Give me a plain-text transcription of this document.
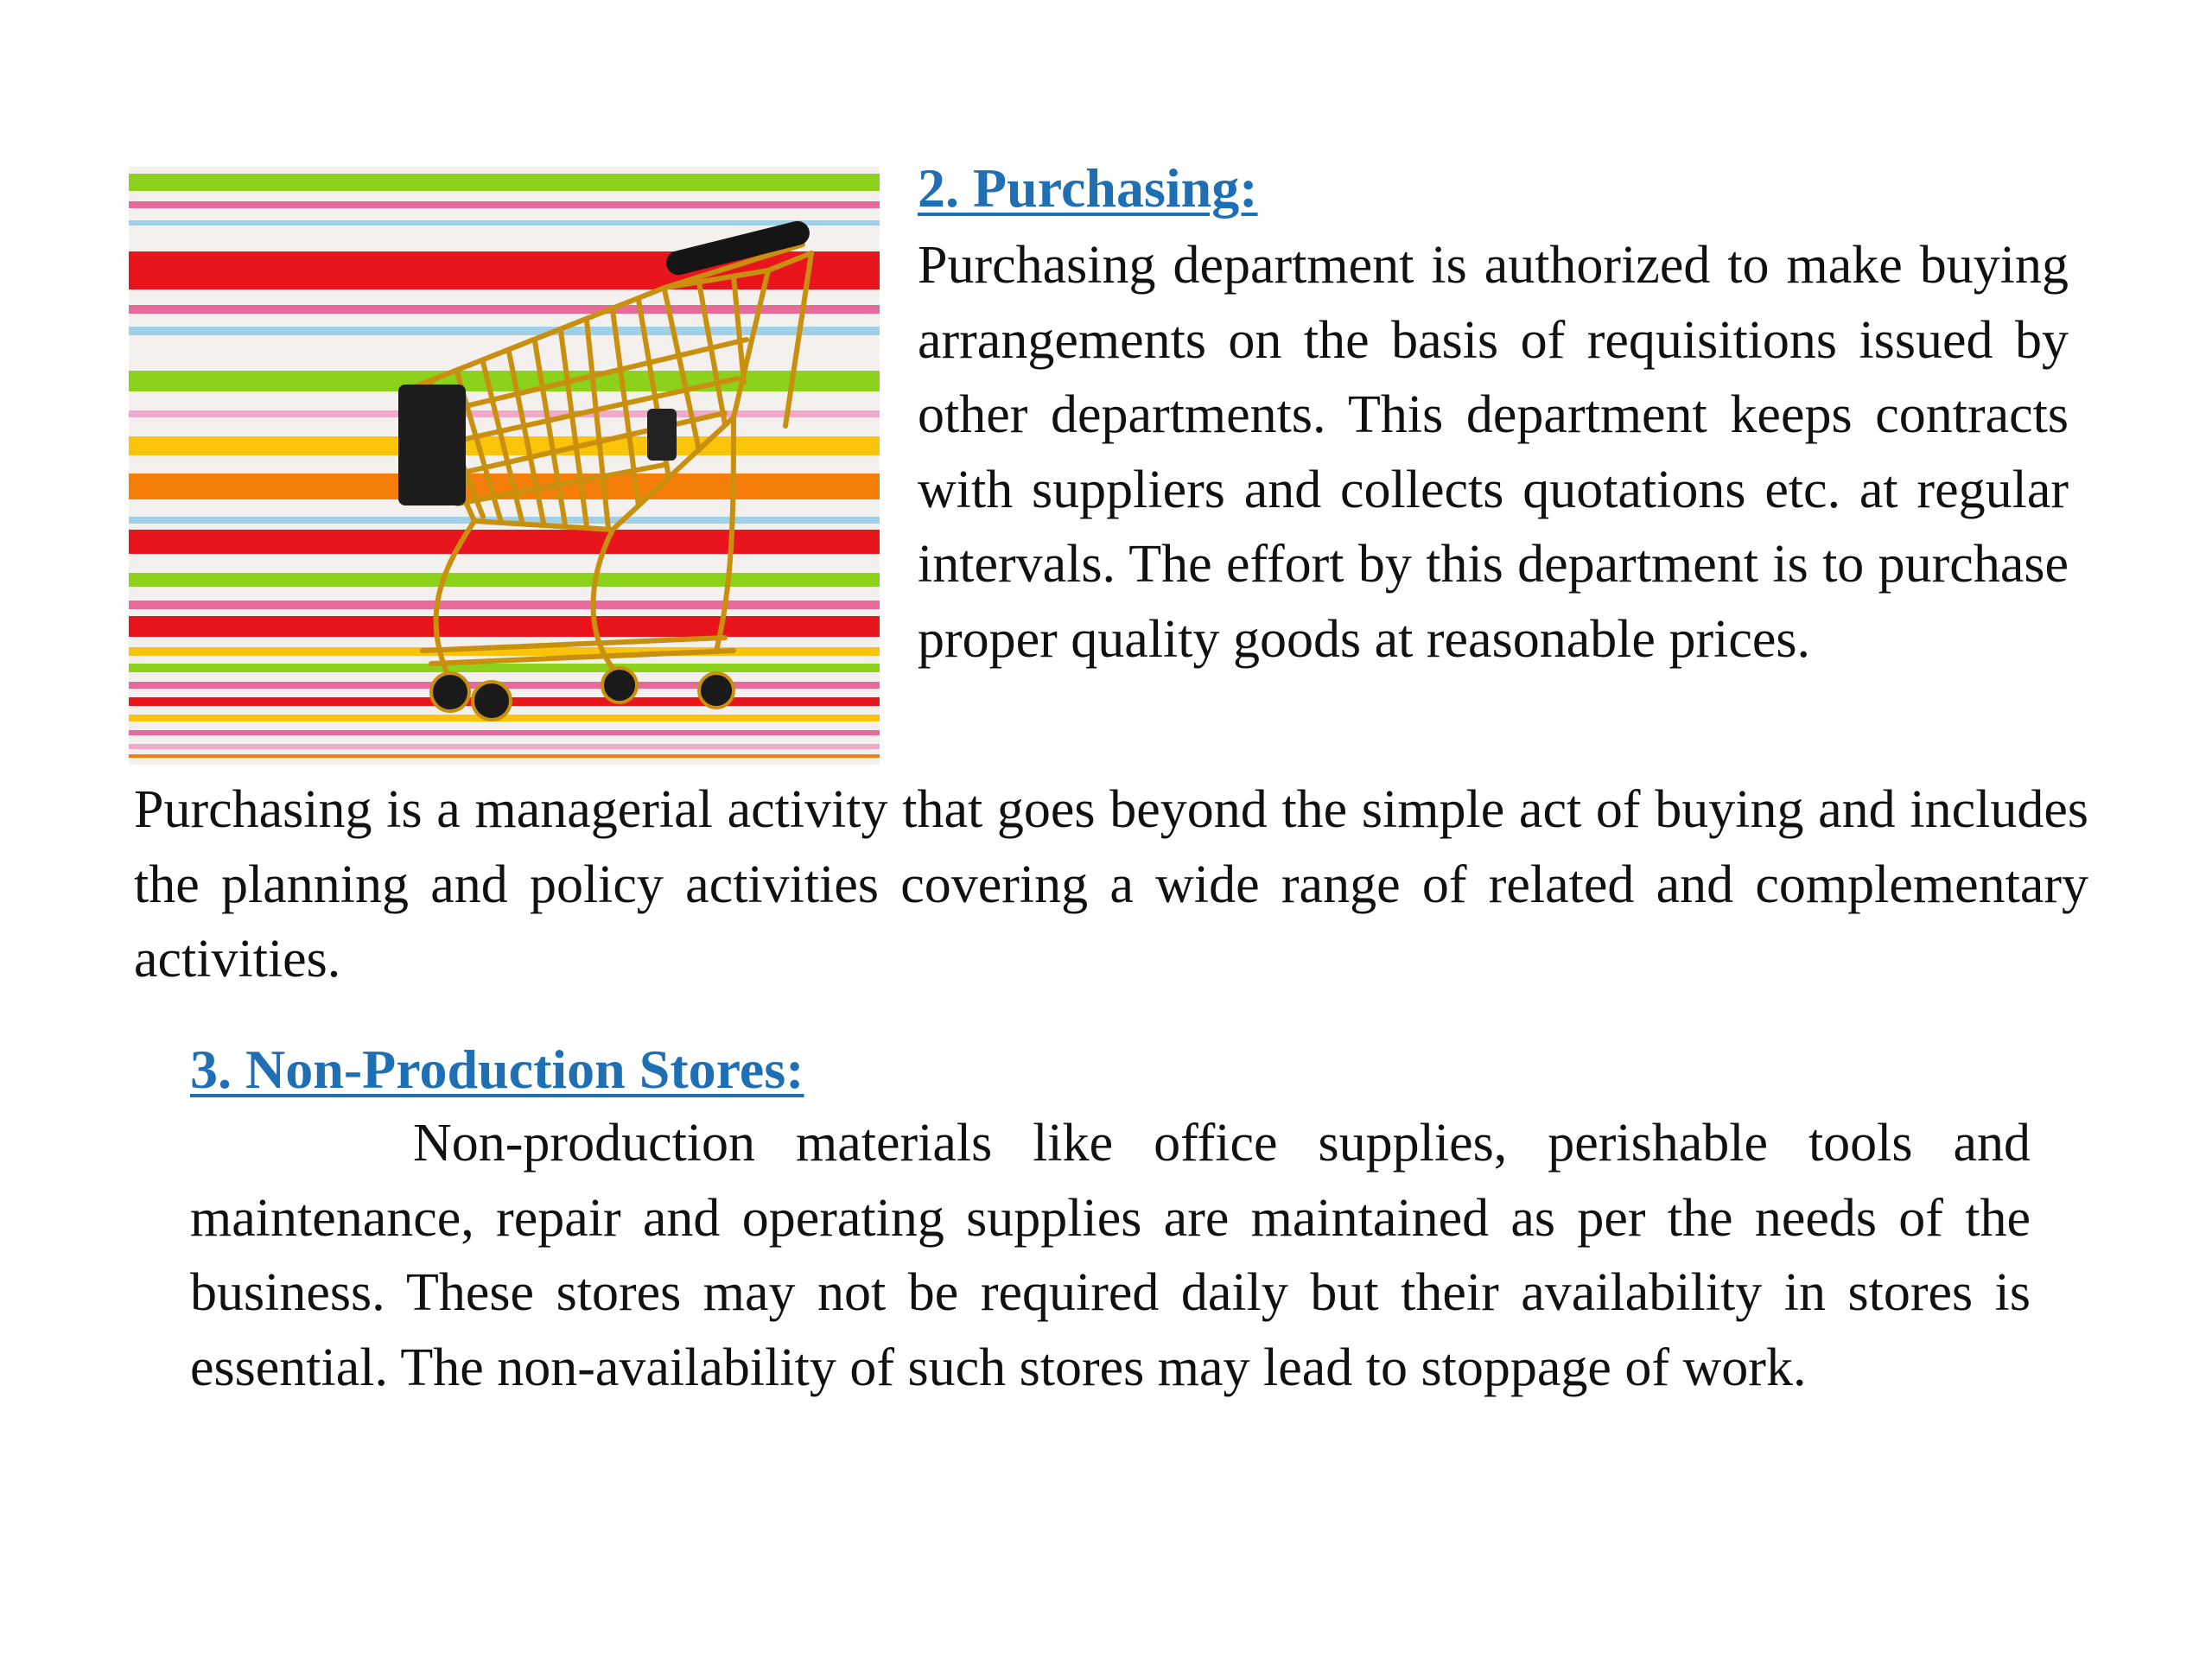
2. Purchasing:

Purchasing department is authorized to make buying arrangements on the basis of requisitions issued by other departments. This department keeps contracts with suppliers and collects quotations etc. at regular intervals. The effort by this department is to purchase proper quality goods at reasonable prices.

Purchasing is a managerial activity that goes beyond the simple act of buying and includes the planning and policy activities covering a wide range of related and complementary activities.

3. Non-Production Stores:

Non-production materials like office supplies, perishable tools and maintenance, repair and operating supplies are maintained as per the needs of the business. These stores may not be required daily but their availability in stores is essential. The non-availability of such stores may lead to stoppage of work.
